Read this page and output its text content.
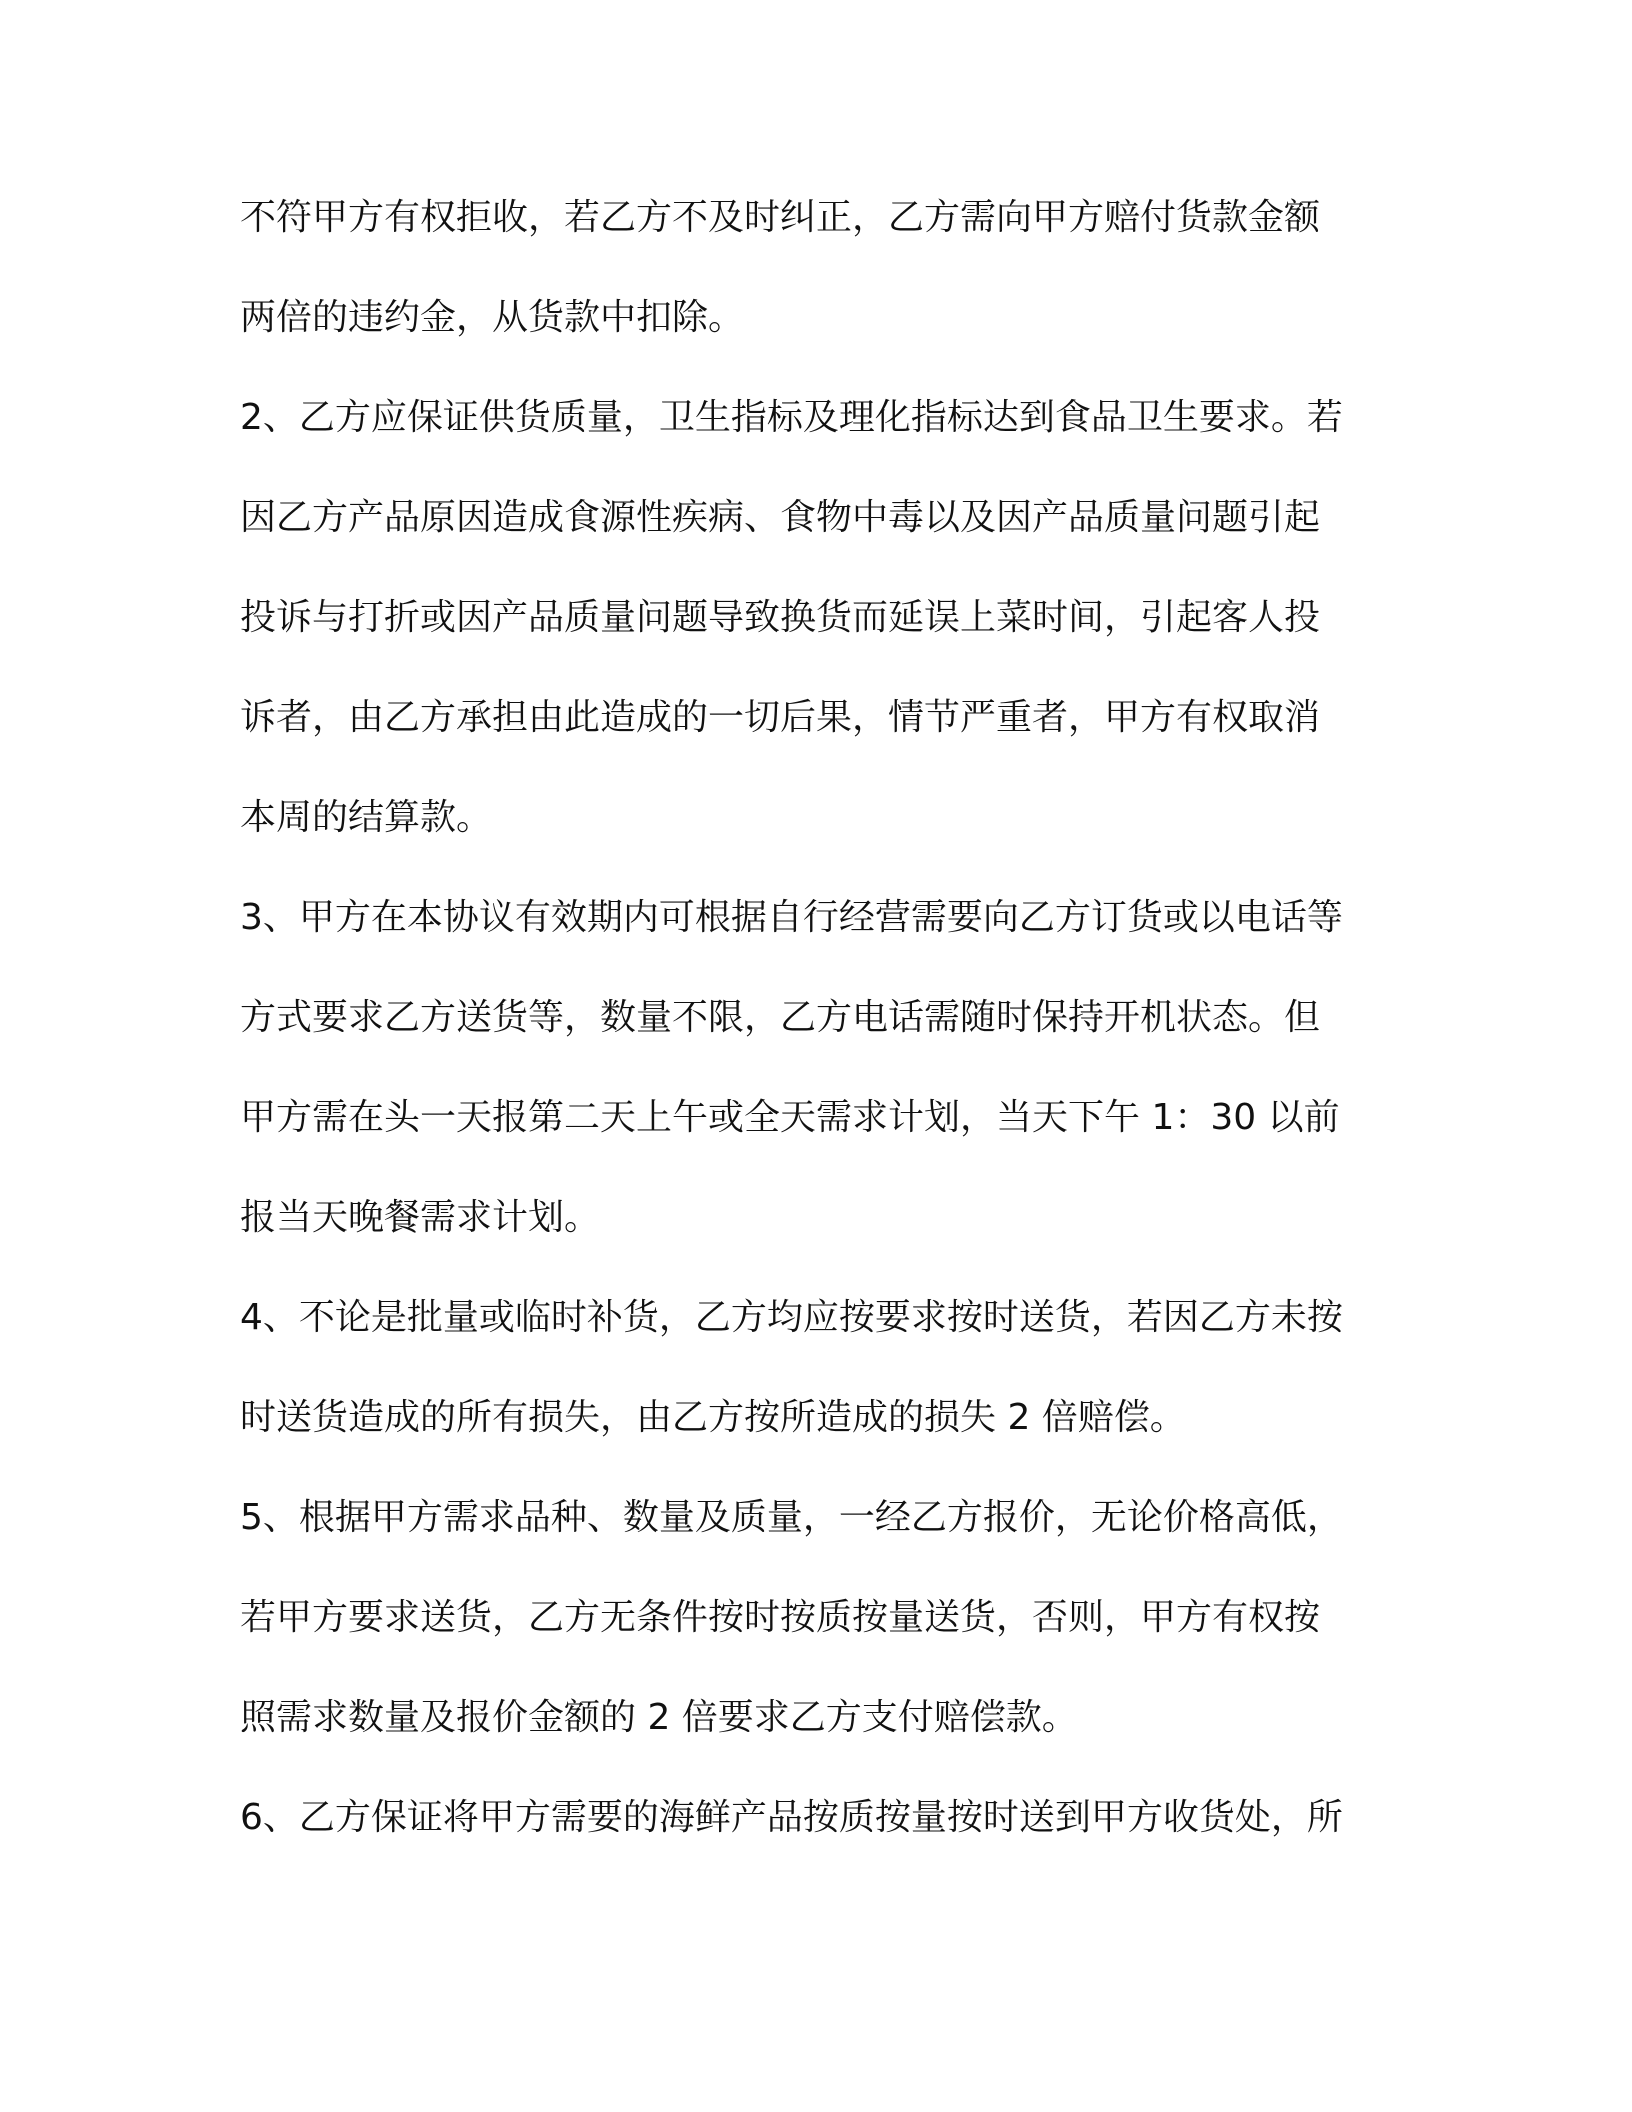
不符甲方有权拒收，若乙方不及时纠正，乙方需向甲方赔付货款金额
两倍的违约金，从货款中扣除。
2、乙方应保证供货质量，卫生指标及理化指标达到食品卫生要求。若
因乙方产品原因造成食源性疾病、食物中毒以及因产品质量问题引起
投诉与打折或因产品质量问题导致换货而延误上菜时间，引起客人投
诉者，由乙方承担由此造成的一切后果，情节严重者，甲方有权取消
本周的结算款。
3、甲方在本协议有效期内可根据自行经营需要向乙方订货或以电话等
方式要求乙方送货等，数量不限，乙方电话需随时保持开机状态。但
甲方需在头一天报第二天上午或全天需求计划，当天下午 1：30 以前
报当天晚餐需求计划。
4、不论是批量或临时补货，乙方均应按要求按时送货，若因乙方未按
时送货造成的所有损失，由乙方按所造成的损失 2 倍赔偿。
5、根据甲方需求品种、数量及质量，一经乙方报价，无论价格高低，
若甲方要求送货，乙方无条件按时按质按量送货，否则，甲方有权按
照需求数量及报价金额的 2 倍要求乙方支付赔偿款。
6、乙方保证将甲方需要的海鲜产品按质按量按时送到甲方收货处，所
